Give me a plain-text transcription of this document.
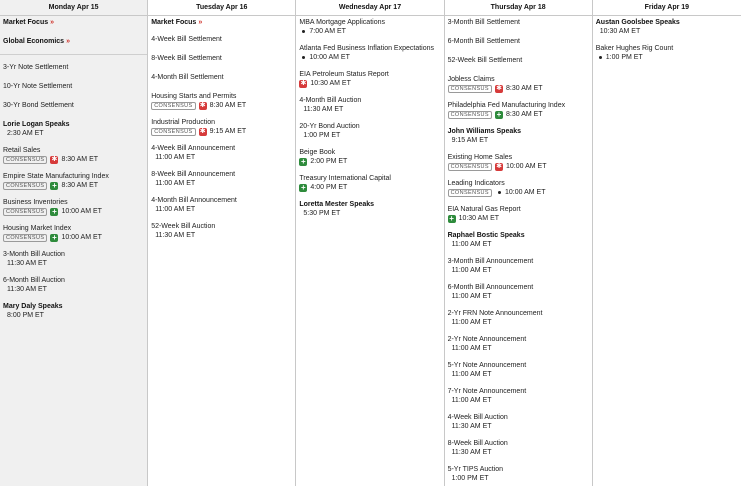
Monday Apr 15
Market Focus »
Global Economics »
3-Yr Note Settlement
10-Yr Note Settlement
30-Yr Bond Settlement
Lorie Logan Speaks
2:30 AM ET
Retail Sales
CONSENSUS ✱	8:30 AM ET
Empire State Manufacturing Index
CONSENSUS +	8:30 AM ET
Business Inventories
CONSENSUS +	10:00 AM ET
Housing Market Index
CONSENSUS +	10:00 AM ET
3-Month Bill Auction
11:30 AM ET
6-Month Bill Auction
11:30 AM ET
Mary Daly Speaks
8:00 PM ET
Tuesday Apr 16
Market Focus »
4-Week Bill Settlement
8-Week Bill Settlement
4-Month Bill Settlement
Housing Starts and Permits
CONSENSUS ✱	8:30 AM ET
Industrial Production
CONSENSUS ✱	9:15 AM ET
4-Week Bill Announcement
11:00 AM ET
8-Week Bill Announcement
11:00 AM ET
4-Month Bill Announcement
11:00 AM ET
52-Week Bill Auction
11:30 AM ET
Wednesday Apr 17
MBA Mortgage Applications
7:00 AM ET
Atlanta Fed Business Inflation Expectations
10:00 AM ET
EIA Petroleum Status Report
✱
10:30 AM ET
4-Month Bill Auction
11:30 AM ET
20-Yr Bond Auction
1:00 PM ET
Beige Book
+
2:00 PM ET
Treasury International Capital
+
4:00 PM ET
Loretta Mester Speaks
5:30 PM ET
Thursday Apr 18
3-Month Bill Settlement
6-Month Bill Settlement
52-Week Bill Settlement
Jobless Claims
CONSENSUS ✱	8:30 AM ET
Philadelphia Fed Manufacturing Index
CONSENSUS +	8:30 AM ET
John Williams Speaks
9:15 AM ET
Existing Home Sales
CONSENSUS ✱	10:00 AM ET
Leading Indicators
CONSENSUS	10:00 AM ET
EIA Natural Gas Report
+
10:30 AM ET
Raphael Bostic Speaks
11:00 AM ET
3-Month Bill Announcement
11:00 AM ET
6-Month Bill Announcement
11:00 AM ET
2-Yr FRN Note Announcement
11:00 AM ET
2-Yr Note Announcement
11:00 AM ET
5-Yr Note Announcement
11:00 AM ET
7-Yr Note Announcement
11:00 AM ET
4-Week Bill Auction
11:30 AM ET
8-Week Bill Auction
11:30 AM ET
5-Yr TIPS Auction
1:00 PM ET
Friday Apr 19
Austan Goolsbee Speaks
10:30 AM ET
Baker Hughes Rig Count
1:00 PM ET
